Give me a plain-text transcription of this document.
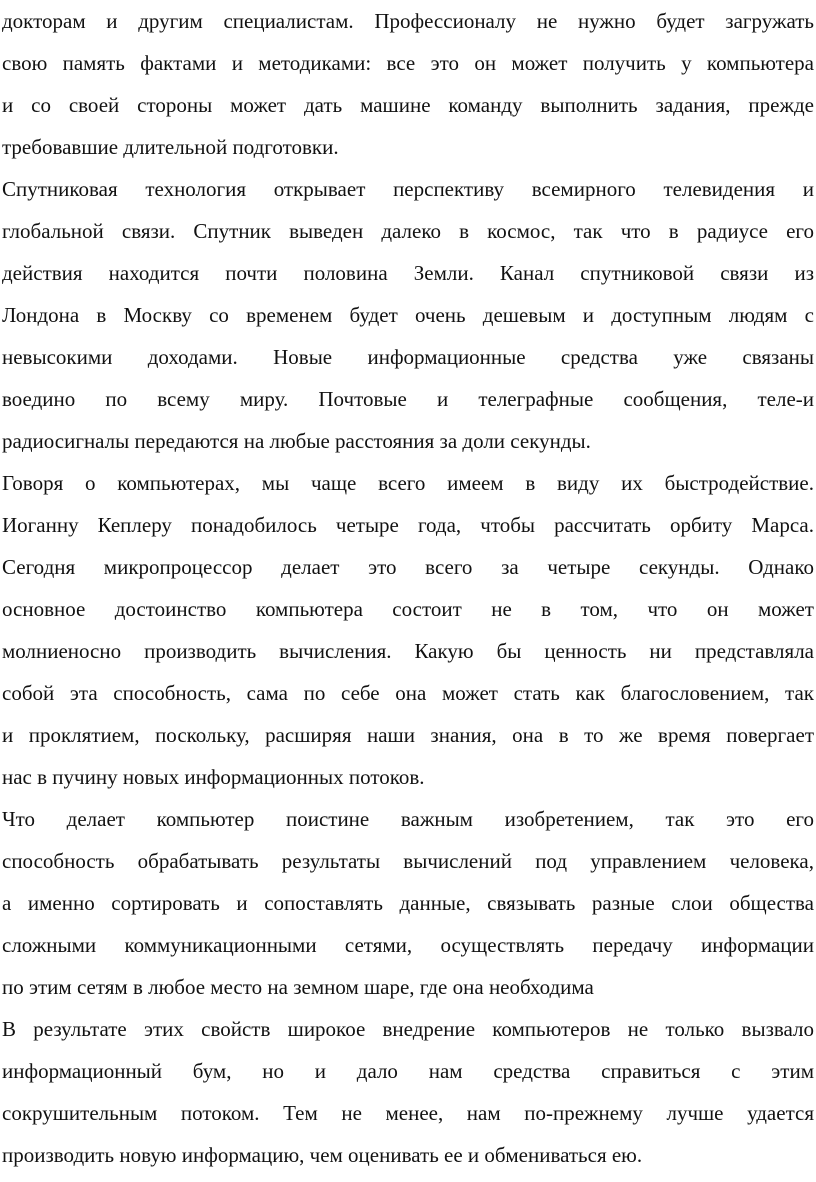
докторам и другим специалистам. Профессионалу не нужно будет загружать
свою память фактами и методиками: все это он может получить у компьютера
и со своей стороны может дать машине команду выполнить задания, прежде
требовавшие длительной подготовки.
Спутниковая технология открывает перспективу всемирного телевидения и
глобальной связи. Спутник выведен далеко в космос, так что в радиусе его
действия находится почти половина Земли. Канал спутниковой связи из
Лондона в Москву со временем будет очень дешевым и доступным людям с
невысокими доходами. Новые информационные средства уже связаны
воедино по всему миру. Почтовые и телеграфные сообщения, теле-и
радиосигналы передаются на любые расстояния за доли секунды.
Говоря о компьютерах, мы чаще всего имеем в виду их быстродействие.
Иоганну Кеплеру понадобилось четыре года, чтобы рассчитать орбиту Марса.
Сегодня микропроцессор делает это всего за четыре секунды. Однако
основное достоинство компьютера состоит не в том, что он может
молниеносно производить вычисления. Какую бы ценность ни представляла
собой эта способность, сама по себе она может стать как благословением, так
и проклятием, поскольку, расширяя наши знания, она в то же время повергает
нас в пучину новых информационных потоков.
Что делает компьютер поистине важным изобретением, так это его
способность обрабатывать результаты вычислений под управлением человека,
а именно сортировать и сопоставлять данные, связывать разные слои общества
сложными коммуникационными сетями, осуществлять передачу информации
по этим сетям в любое место на земном шаре, где она необходима
В результате этих свойств широкое внедрение компьютеров не только вызвало
информационный бум, но и дало нам средства справиться с этим
сокрушительным потоком. Тем не менее, нам по-прежнему лучше удается
производить новую информацию, чем оценивать ее и обмениваться ею.
